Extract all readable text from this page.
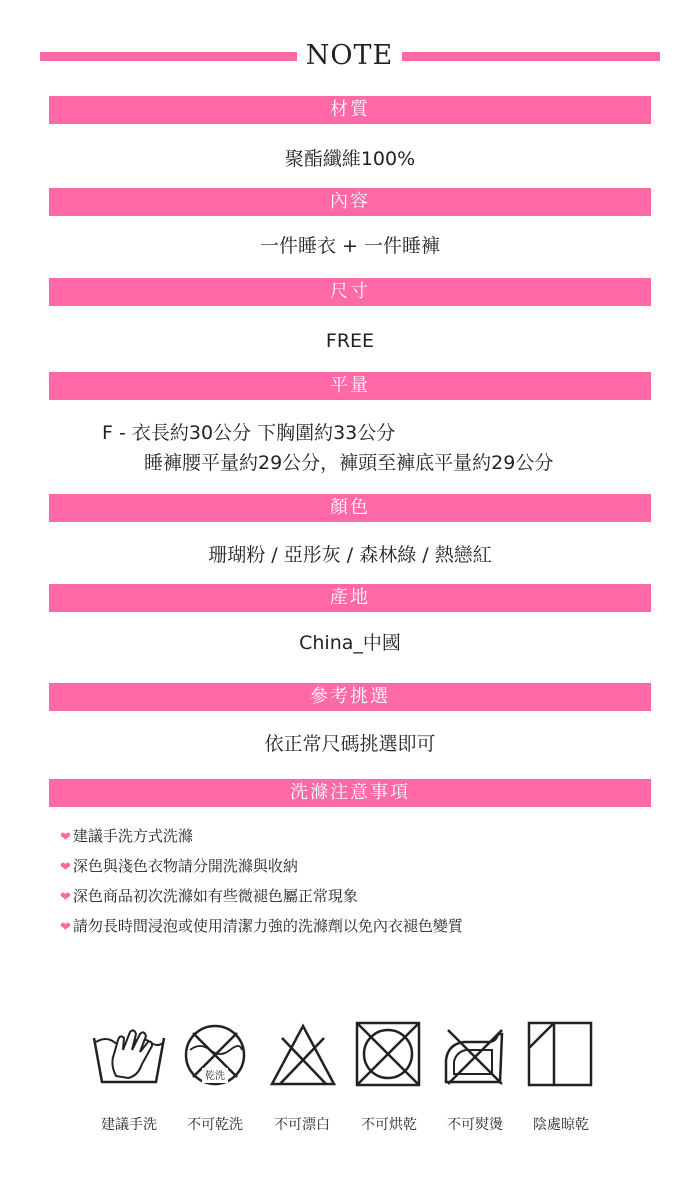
NOTE
材質
聚酯纖維100%
內容
一件睡衣 + 一件睡褲
尺寸
FREE
平量
F - 衣長約30公分 下胸圍約33公分
睡褲腰平量約29公分，褲頭至褲底平量約29公分
顏色
珊瑚粉 / 亞彤灰 / 森林綠 / 熱戀紅
產地
China_中國
參考挑選
依正常尺碼挑選即可
洗滌注意事項
❤ 建議手洗方式洗滌
❤ 深色與淺色衣物請分開洗滌與收納
❤ 深色商品初次洗滌如有些微褪色屬正常現象
❤ 請勿長時間浸泡或使用清潔力強的洗滌劑以免內衣褪色變質
乾洗
建議手洗	不可乾洗	不可漂白	不可烘乾	不可熨燙	陰處晾乾
